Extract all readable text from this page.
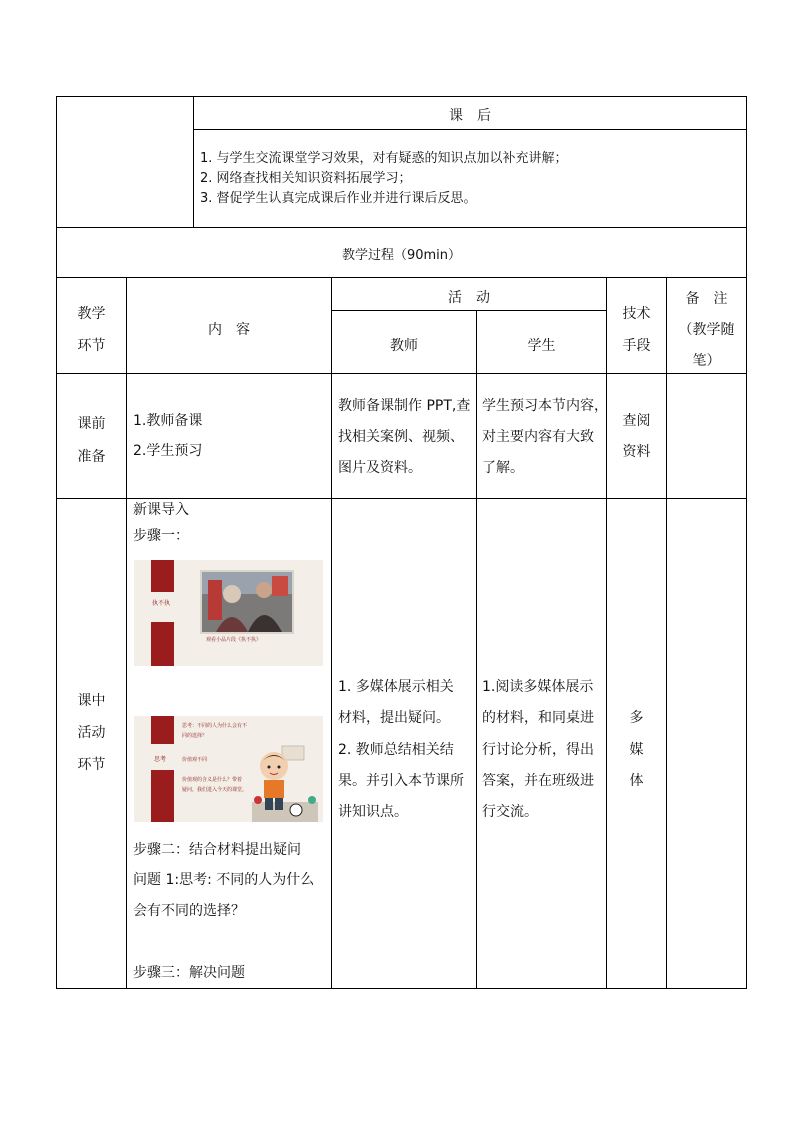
课　后
1. 与学生交流课堂学习效果，对有疑惑的知识点加以补充讲解；
2. 网络查找相关知识资料拓展学习；
3. 督促学生认真完成课后作业并进行课后反思。
教学过程（90min）
教学
环节
内　容
活　动
教师	学生
技术
手段
备　注
（教学随
笔）
课前
准备
1.教师备课
2.学生预习
教师备课制作 PPT,查
找相关案例、视频、
图片及资料。
学生预习本节内容，
对主要内容有大致
了解。
查阅
资料
课中
活动
环节
新课导入
步骤一：
执不执
观看小品片段《执不执》
思考
思考：不同的人为什么会有不
同的选择？
价值观不同
价值观的含义是什么？带着
疑问，我们进入今天的课堂。
步骤二：结合材料提出疑问
问题 1:思考: 不同的人为什么
会有不同的选择？
步骤三：解决问题
1. 多媒体展示相关
材料，提出疑问。
2. 教师总结相关结
果。并引入本节课所
讲知识点。
1.阅读多媒体展示
的材料，和同桌进
行讨论分析，得出
答案，并在班级进
行交流。
多
媒
体
